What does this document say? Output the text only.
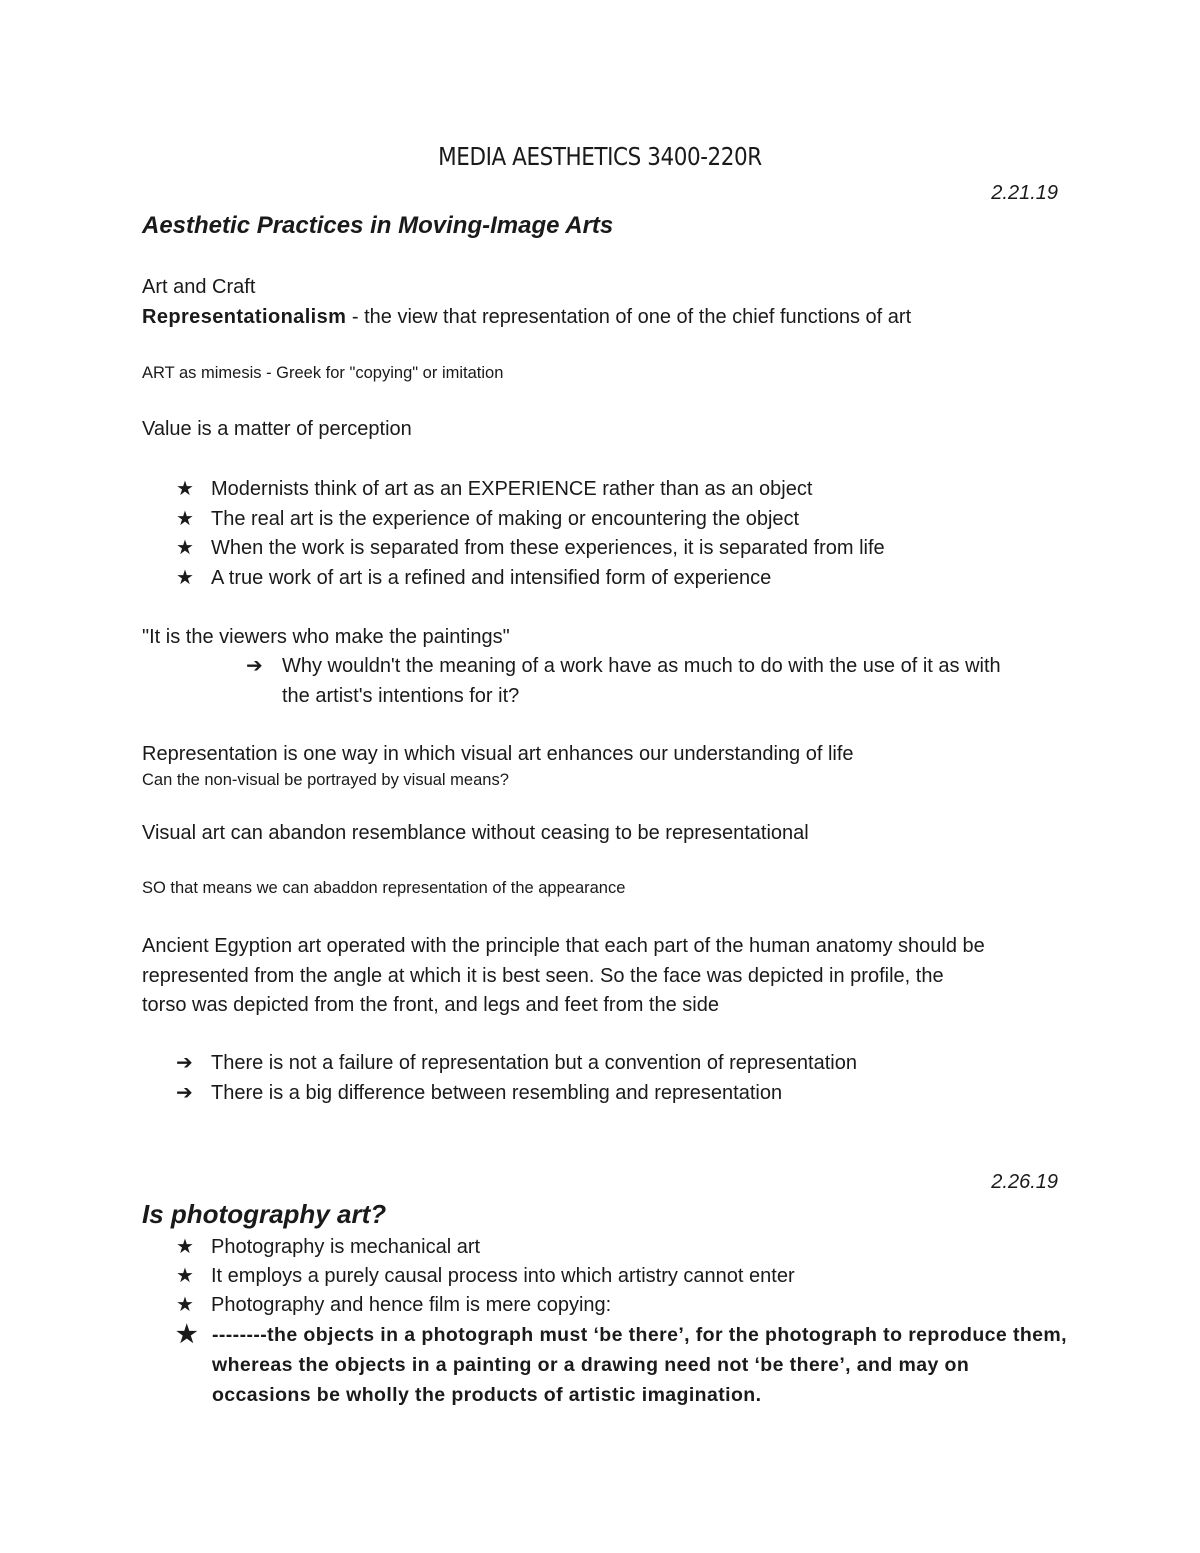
MEDIA AESTHETICS 3400-220R
2.21.19
Aesthetic Practices in Moving-Image Arts
Art and Craft
Representationalism - the view that representation of one of the chief functions of art
ART as mimesis - Greek for "copying" or imitation
Value is a matter of perception
★ Modernists think of art as an EXPERIENCE rather than as an object
★ The real art is the experience of making or encountering the object
★ When the work is separated from these experiences, it is separated from life
★ A true work of art is a refined and intensified form of experience
"It is the viewers who make the paintings"
➔ Why wouldn't the meaning of a work have as much to do with the use of it as with
the artist's intentions for it?
Representation is one way in which visual art enhances our understanding of life
Can the non-visual be portrayed by visual means?
Visual art can abandon resemblance without ceasing to be representational
SO that means we can abaddon representation of the appearance
Ancient Egyption art operated with the principle that each part of the human anatomy should be
represented from the angle at which it is best seen. So the face was depicted in profile, the
torso was depicted from the front, and legs and feet from the side
➔ There is not a failure of representation but a convention of representation
➔ There is a big difference between resembling and representation
2.26.19
Is photography art?
★ Photography is mechanical art
★ It employs a purely causal process into which artistry cannot enter
★ Photography and hence film is mere copying:
★ --------the objects in a photograph must ‘be there’, for the photograph to reproduce them, whereas the objects in a painting or a drawing need not ‘be there’, and may on occasions be wholly the products of artistic imagination.
